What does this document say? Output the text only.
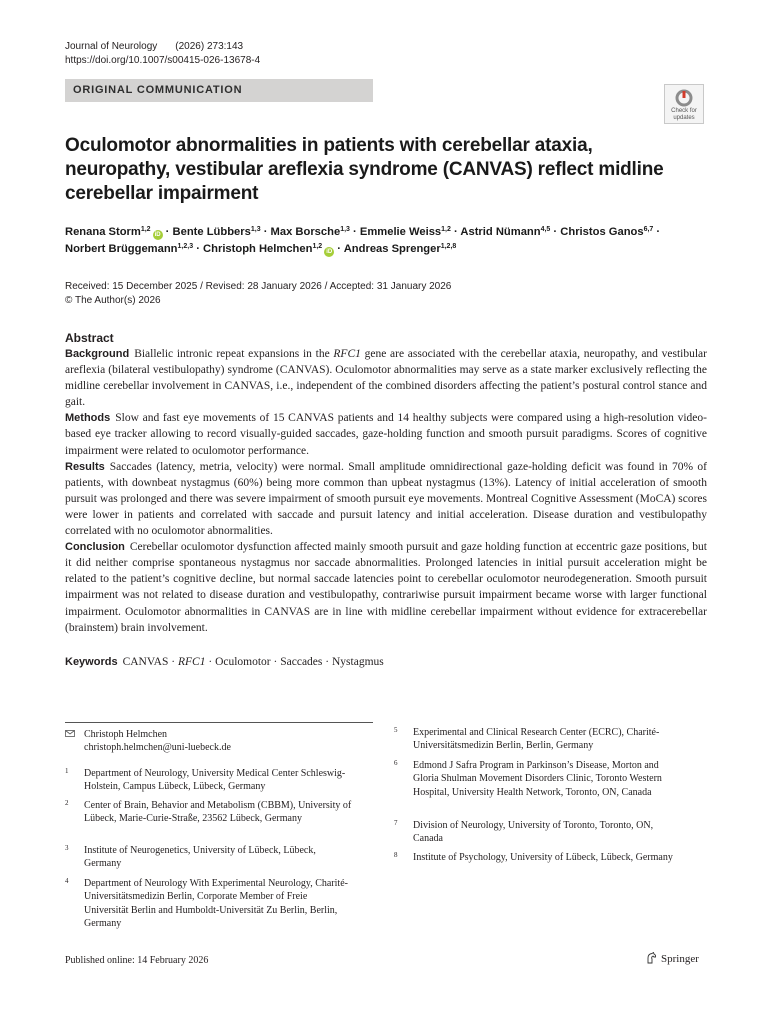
Journal of Neurology (2026) 273:143
https://doi.org/10.1007/s00415-026-13678-4
ORIGINAL COMMUNICATION
Check for
updates
Oculomotor abnormalities in patients with cerebellar ataxia, neuropathy, vestibular areflexia syndrome (CANVAS) reflect midline cerebellar impairment
Renana Storm$^{1,2}$iD · Bente Lübbers$^{1,3}$ · Max Borsche$^{1,3}$ · Emmelie Weiss$^{1,2}$ · Astrid Nümann$^{4,5}$ · Christos Ganos$^{6,7}$ ·
Norbert Brüggemann$^{1,2,3}$ · Christoph Helmchen$^{1,2}$iD · Andreas Sprenger$^{1,2,8}$
Received: 15 December 2025 / Revised: 28 January 2026 / Accepted: 31 January 2026
© The Author(s) 2026
Abstract

Background Biallelic intronic repeat expansions in the RFC1 gene are associated with the cerebellar ataxia, neuropathy, and vestibular areflexia (bilateral vestibulopathy) syndrome (CANVAS). Oculomotor abnormalities may serve as a state marker exclusively reflecting the midline cerebellar involvement in CANVAS, i.e., independent of the combined disorders affecting the patient’s postural control stance and gait.

Methods Slow and fast eye movements of 15 CANVAS patients and 14 healthy subjects were compared using a high-resolution video-based eye tracker allowing to record visually-guided saccades, gaze-holding function and smooth pursuit paradigms. Scores of cognitive impairment were related to oculomotor performance.

Results Saccades (latency, metria, velocity) were normal. Small amplitude omnidirectional gaze-holding deficit was found in 70% of patients, with downbeat nystagmus (60%) being more common than upbeat nystagmus (13%). Latency of initial acceleration of smooth pursuit was prolonged and there was severe impairment of smooth pursuit eye movements. Montreal Cognitive Assessment (MoCA) scores were lower in patients and correlated with saccade and pursuit latency and initial acceleration. Disease duration and vestibulopathy correlated with no oculomotor abnormalities.

Conclusion Cerebellar oculomotor dysfunction affected mainly smooth pursuit and gaze holding function at eccentric gaze positions, but it did neither comprise spontaneous nystagmus nor saccade abnormalities. Prolonged latencies in initial pursuit acceleration might be related to the patient’s cognitive decline, but normal saccade latencies point to cerebellar oculomotor neurodegeneration. Smooth pursuit impairment was not related to disease duration and vestibulopathy, contrariwise pursuit impairment became worse with larger functional impairment. Oculomotor abnormalities in CANVAS are in line with midline cerebellar impairment without evidence for extracerebellar (brainstem) brain involvement.

Keywords CANVAS · RFC1 · Oculomotor · Saccades · Nystagmus
Christoph Helmchen
christoph.helmchen@uni-luebeck.de
1 Department of Neurology, University Medical Center Schleswig-Holstein, Campus Lübeck, Lübeck, Germany
2 Center of Brain, Behavior and Metabolism (CBBM), University of Lübeck, Marie-Curie-Straße, 23562 Lübeck, Germany
3 Institute of Neurogenetics, University of Lübeck, Lübeck, Germany
4 Department of Neurology With Experimental Neurology, Charité-Universitätsmedizin Berlin, Corporate Member of Freie Universität Berlin and Humboldt-Universität Zu Berlin, Berlin, Germany
5 Experimental and Clinical Research Center (ECRC), Charité-Universitätsmedizin Berlin, Berlin, Germany
6 Edmond J Safra Program in Parkinson’s Disease, Morton and Gloria Shulman Movement Disorders Clinic, Toronto Western Hospital, University Health Network, Toronto, ON, Canada
7 Division of Neurology, University of Toronto, Toronto, ON, Canada
8 Institute of Psychology, University of Lübeck, Lübeck, Germany
Published online: 14 February 2026	Springer
